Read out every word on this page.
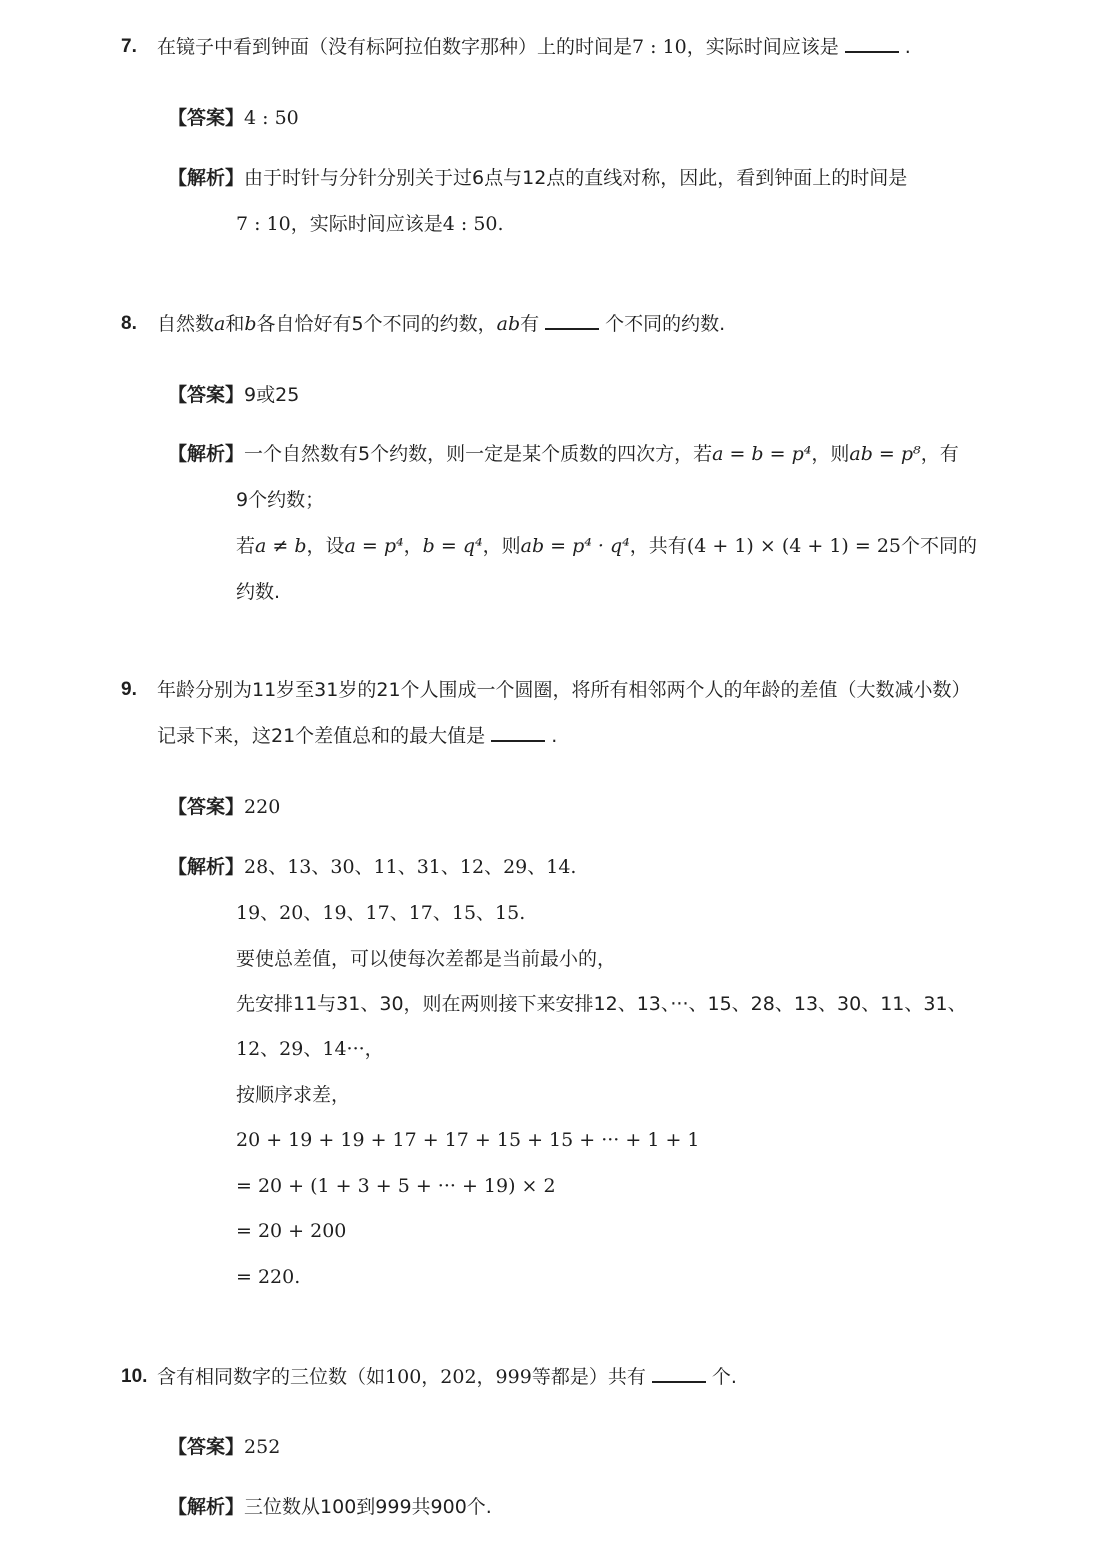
7. 在镜子中看到钟面（没有标阿拉伯数字那种）上的时间是7 : 10，实际时间应该是	.
【答案】4 : 50
【解析】由于时针与分针分别关于过6点与12点的直线对称，因此，看到钟面上的时间是
7 : 10，实际时间应该是4 : 50.
8. 自然数a和b各自恰好有5个不同的约数，ab有	个不同的约数.
【答案】9或25
【解析】一个自然数有5个约数，则一定是某个质数的四次方，若a = b = p⁴，则ab = p⁸，有
9个约数；
若a ≠ b，设a = p⁴，b = q⁴，则ab = p⁴ · q⁴，共有(4 + 1) × (4 + 1) = 25个不同的
约数.
9. 年龄分别为11岁至31岁的21个人围成一个圆圈，将所有相邻两个人的年龄的差值（大数减小数）
记录下来，这21个差值总和的最大值是	.
【答案】220
【解析】28、13、30、11、31、12、29、14.
19、20、19、17、17、15、15.
要使总差值，可以使每次差都是当前最小的，
先安排11与31、30，则在两则接下来安排12、13、···、15、28、13、30、11、31、
12、29、14···，
按顺序求差，
20 + 19 + 19 + 17 + 17 + 15 + 15 + ··· + 1 + 1
= 20 + (1 + 3 + 5 + ··· + 19) × 2
= 20 + 200
= 220.
10. 含有相同数字的三位数（如100，202，999等都是）共有	个.
【答案】252
【解析】三位数从100到999共900个.
